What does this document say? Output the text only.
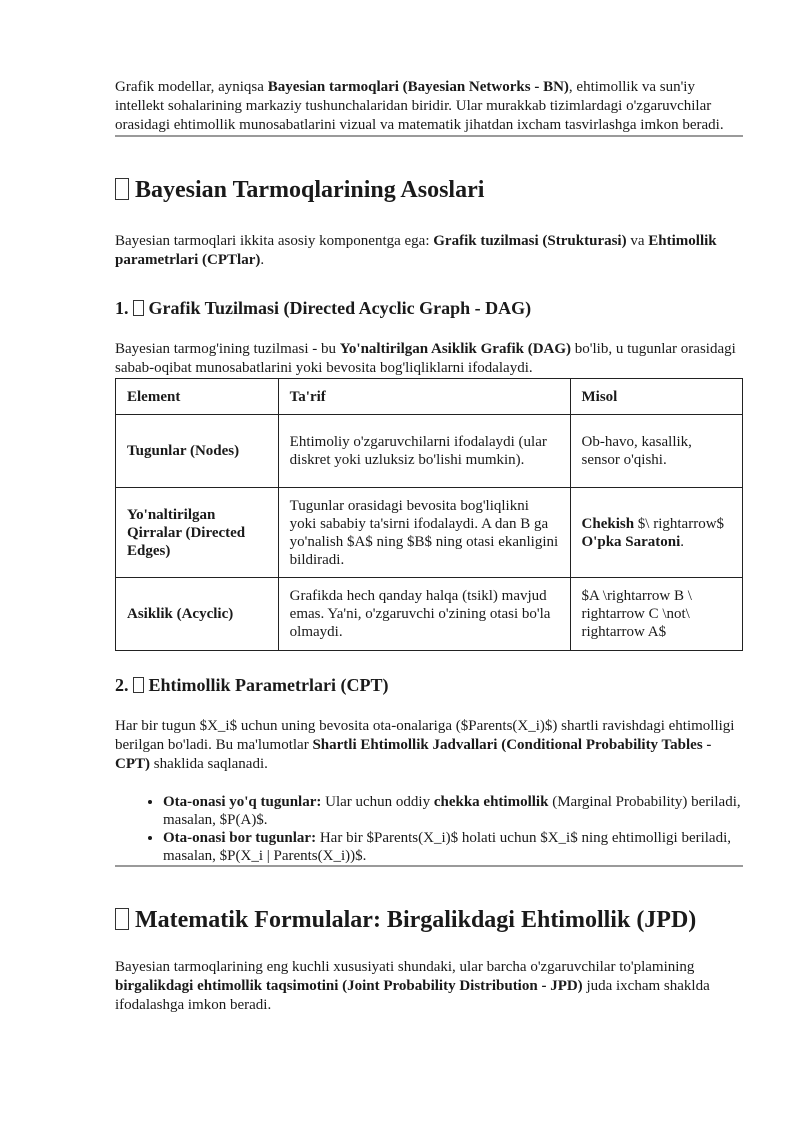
Grafik modellar, ayniqsa Bayesian tarmoqlari (Bayesian Networks - BN), ehtimollik va sun'iy intellekt sohalarining markaziy tushunchalaridan biridir. Ular murakkab tizimlardagi o'zgaruvchilar orasidagi ehtimollik munosabatlarini vizual va matematik jihatdan ixcham tasvirlashga imkon beradi.

Bayesian Tarmoqlarining Asoslari

Bayesian tarmoqlari ikkita asosiy komponentga ega: Grafik tuzilmasi (Strukturasi) va Ehtimollik parametrlari (CPTlar).

1. Grafik Tuzilmasi (Directed Acyclic Graph - DAG)

Bayesian tarmog'ining tuzilmasi - bu Yo'naltirilgan Asiklik Grafik (DAG) bo'lib, u tugunlar orasidagi sabab-oqibat munosabatlarini yoki bevosita bog'liqliklarni ifodalaydi.

Element	Ta'rif	Misol
Tugunlar (Nodes)	Ehtimoliy o'zgaruvchilarni ifodalaydi (ular diskret yoki uzluksiz bo'lishi mumkin).	Ob-havo, kasallik, sensor o'qishi.
Yo'naltirilgan Qirralar (Directed Edges)	Tugunlar orasidagi bevosita bog'liqlikni yoki sababiy ta'sirni ifodalaydi. A dan B ga yo'nalish $A$ ning $B$ ning otasi ekanligini bildiradi.	Chekish $\ rightarrow$ O'pka Saratoni.
Asiklik (Acyclic)	Grafikda hech qanday halqa (tsikl) mavjud emas. Ya'ni, o'zgaruvchi o'zining otasi bo'la olmaydi.	$A \rightarrow B \ rightarrow C \not\ rightarrow A$
2. Ehtimollik Parametrlari (CPT)

Har bir tugun $X_i$ uchun uning bevosita ota-onalariga ($Parents(X_i)$) shartli ravishdagi ehtimolligi berilgan bo'ladi. Bu ma'lumotlar Shartli Ehtimollik Jadvallari (Conditional Probability Tables - CPT) shaklida saqlanadi.

• Ota-onasi yo'q tugunlar: Ular uchun oddiy chekka ehtimollik (Marginal Probability) beriladi, masalan, $P(A)$.
• Ota-onasi bor tugunlar: Har bir $Parents(X_i)$ holati uchun $X_i$ ning ehtimolligi beriladi, masalan, $P(X_i | Parents(X_i))$.
Matematik Formulalar: Birgalikdagi Ehtimollik (JPD)

Bayesian tarmoqlarining eng kuchli xususiyati shundaki, ular barcha o'zgaruvchilar to'plamining birgalikdagi ehtimollik taqsimotini (Joint Probability Distribution - JPD) juda ixcham shaklda ifodalashga imkon beradi.
